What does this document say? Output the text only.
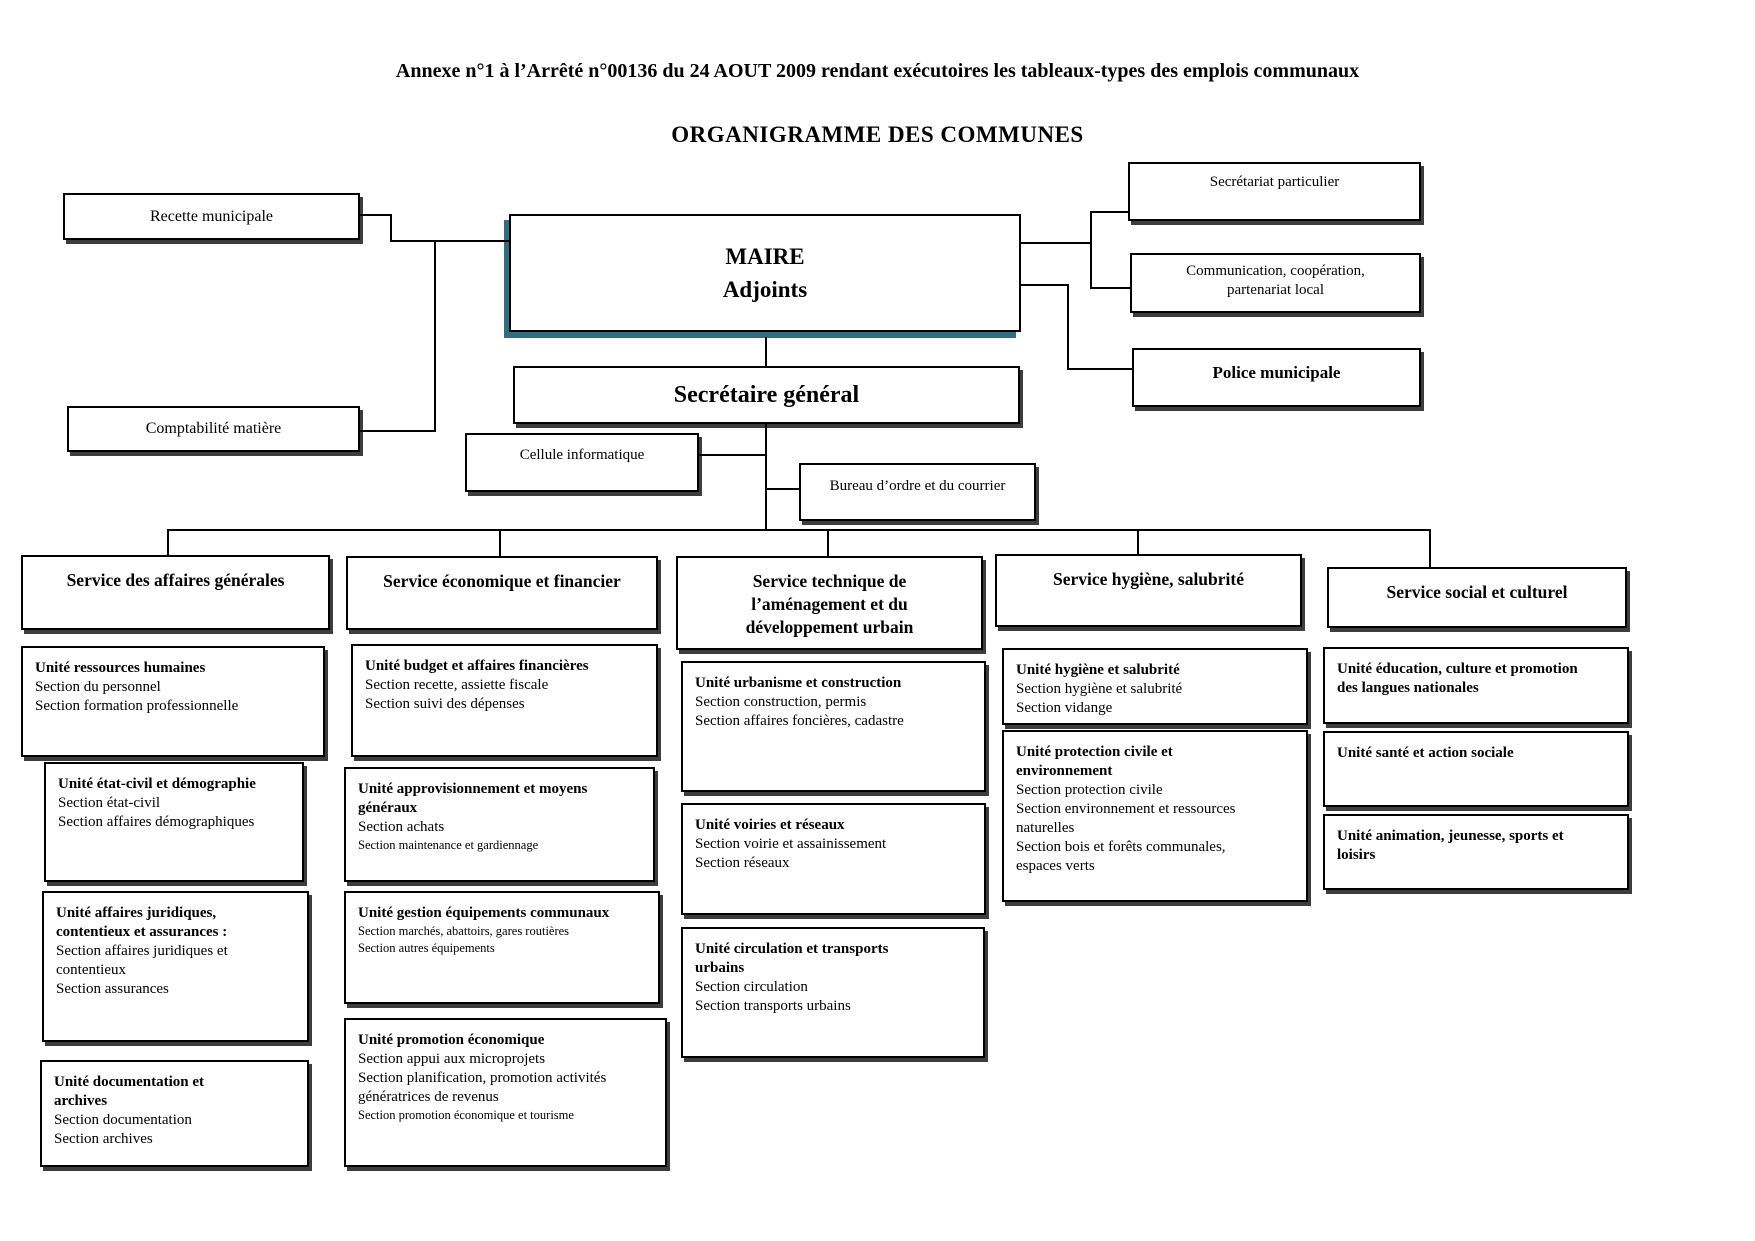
Annexe n°1 à l’Arrêté n°00136 du 24 AOUT 2009 rendant exécutoires les tableaux-types des emplois communaux
ORGANIGRAMME DES COMMUNES
Recette municipale
Comptabilité matière
MAIRE
Adjoints
Secrétariat particulier
Communication, coopération,
partenariat local
Police municipale
Secrétaire général
Cellule informatique
Bureau d’ordre et du courrier
Service des affaires générales	Service économique et financier	Service technique de
l’aménagement et du
développement urbain
Service hygiène, salubrité
Service social et culturel
Unité ressources humaines
Section du personnel
Section formation professionnelle
Unité état-civil et démographie
Section état-civil
Section affaires démographiques
Unité affaires juridiques,
contentieux et assurances :
Section affaires juridiques et
contentieux
Section assurances
Unité documentation et
archives
Section documentation
Section archives
Unité budget et affaires financières
Section recette, assiette fiscale
Section suivi des dépenses
Unité approvisionnement et moyens
généraux
Section achats
Section maintenance et gardiennage
Unité gestion équipements communaux
Section marchés, abattoirs, gares routières
Section autres équipements
Unité promotion économique
Section appui aux microprojets
Section planification, promotion activités
génératrices de revenus
Section promotion économique et tourisme
Unité urbanisme et construction
Section construction, permis
Section affaires foncières, cadastre
Unité voiries et réseaux
Section voirie et assainissement
Section réseaux
Unité circulation et transports
urbains
Section circulation
Section transports urbains
Unité hygiène et salubrité
Section hygiène et salubrité
Section vidange
Unité protection civile et
environnement
Section protection civile
Section environnement et ressources
naturelles
Section bois et forêts communales,
espaces verts
Unité éducation, culture et promotion
des langues nationales
Unité santé et action sociale
Unité animation, jeunesse, sports et
loisirs
